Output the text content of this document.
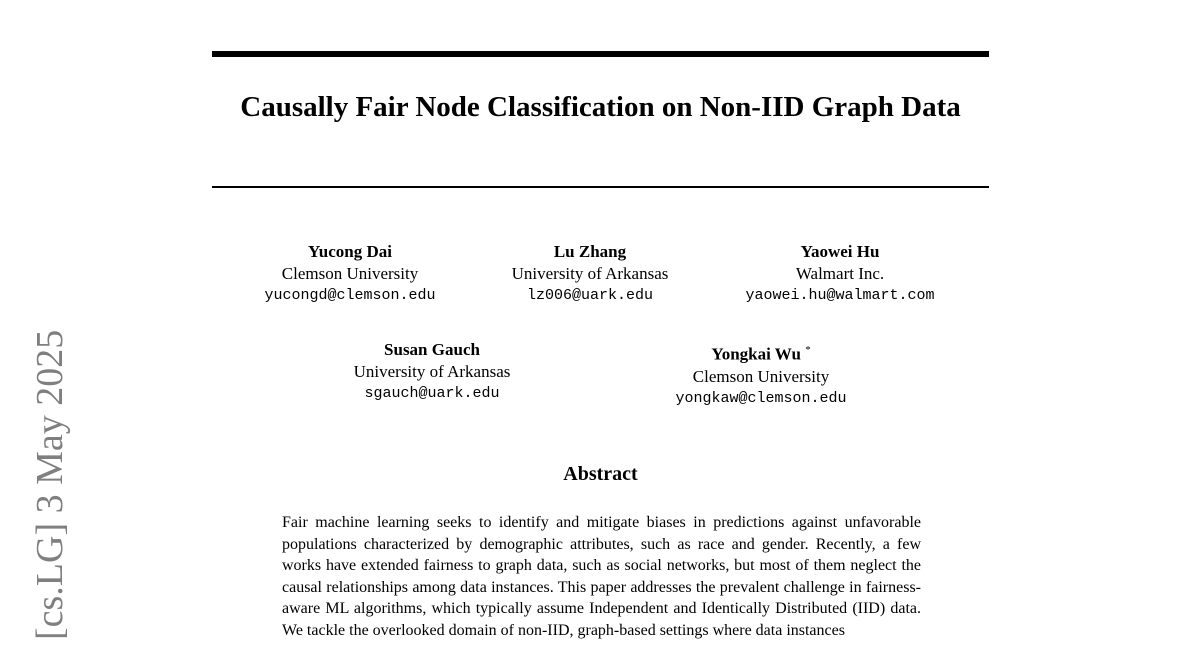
[cs.LG] 3 May 2025
Causally Fair Node Classification on Non-IID Graph Data
Yucong Dai
Clemson University
yucongd@clemson.edu
Lu Zhang
University of Arkansas
lz006@uark.edu
Yaowei Hu
Walmart Inc.
yaowei.hu@walmart.com
Susan Gauch
University of Arkansas
sgauch@uark.edu
Yongkai Wu *
Clemson University
yongkaw@clemson.edu
Abstract

Fair machine learning seeks to identify and mitigate biases in predictions against unfavorable populations characterized by demographic attributes, such as race and gender. Recently, a few works have extended fairness to graph data, such as social networks, but most of them neglect the causal relationships among data instances. This paper addresses the prevalent challenge in fairness-aware ML algorithms, which typically assume Independent and Identically Distributed (IID) data. We tackle the overlooked domain of non-IID, graph-based settings where data instances
